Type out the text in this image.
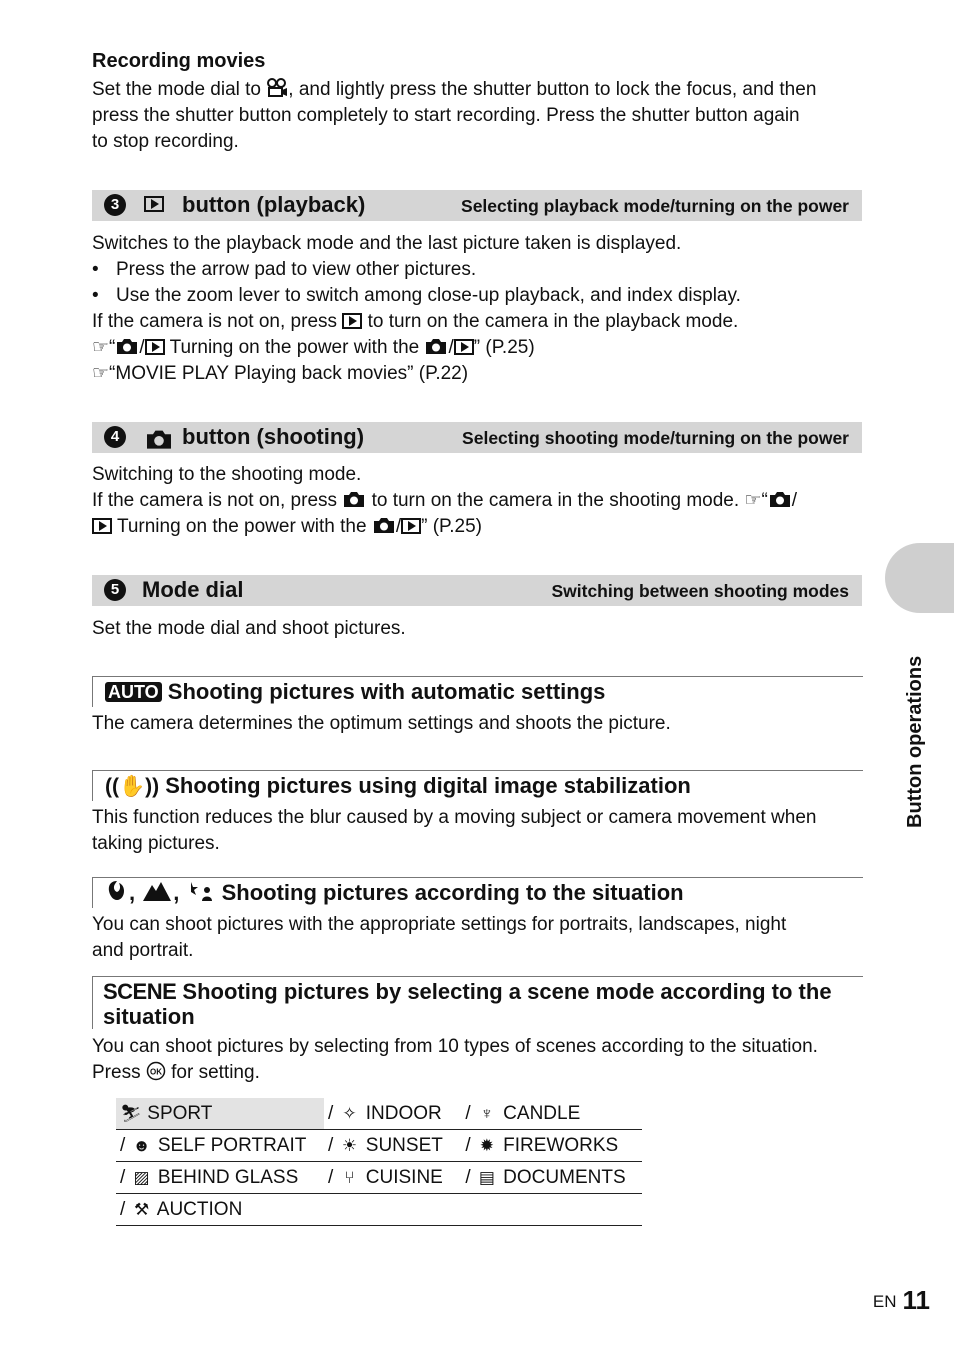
Recording movies
Set the mode dial to
, and lightly press the shutter button to lock the focus, and then
press the shutter button completely to start recording. Press the shutter button again
to stop recording.
3	button (playback)	Selecting playback mode/turning on the power
Switches to the playback mode and the last picture taken is displayed.
• Press the arrow pad to view other pictures.
• Use the zoom lever to switch among close-up playback, and index display.
If the camera is not on, press  to turn on the camera in the playback mode.
☞“ / Turning on the power with the
/ ” (P.25)
☞“MOVIE PLAY Playing back movies” (P.22)
4	button (shooting)	Selecting shooting mode/turning on the power
Switching to the shooting mode.
If the camera is not on, press
to turn on the camera in the shooting mode. ☞“ /
Turning on the power with the
/ ” (P.25)
5	Mode dial	Switching between shooting modes
Set the mode dial and shoot pictures.
AUTO Shooting pictures with automatic settings
The camera determines the optimum settings and shoots the picture.
((✋)) Shooting pictures using digital image stabilization
This function reduces the blur caused by a moving subject or camera movement when
taking pictures.
,
,
Shooting pictures according to the situation
You can shoot pictures with the appropriate settings for portraits, landscapes, night
and portrait.
SCENE Shooting pictures by selecting a scene mode according to the
situation
You can shoot pictures by selecting from 10 types of scenes according to the situation.
Press OK for setting.
⛷ SPORT	/ ✧ INDOOR	/ ♆ CANDLE
/ ☻ SELF PORTRAIT	/ ☀ SUNSET	/ ✹ FIREWORKS
/ ▨ BEHIND GLASS	/ ⑂ CUISINE	/ ▤ DOCUMENTS
/ ⚒ AUCTION		
Button operations
EN 11
